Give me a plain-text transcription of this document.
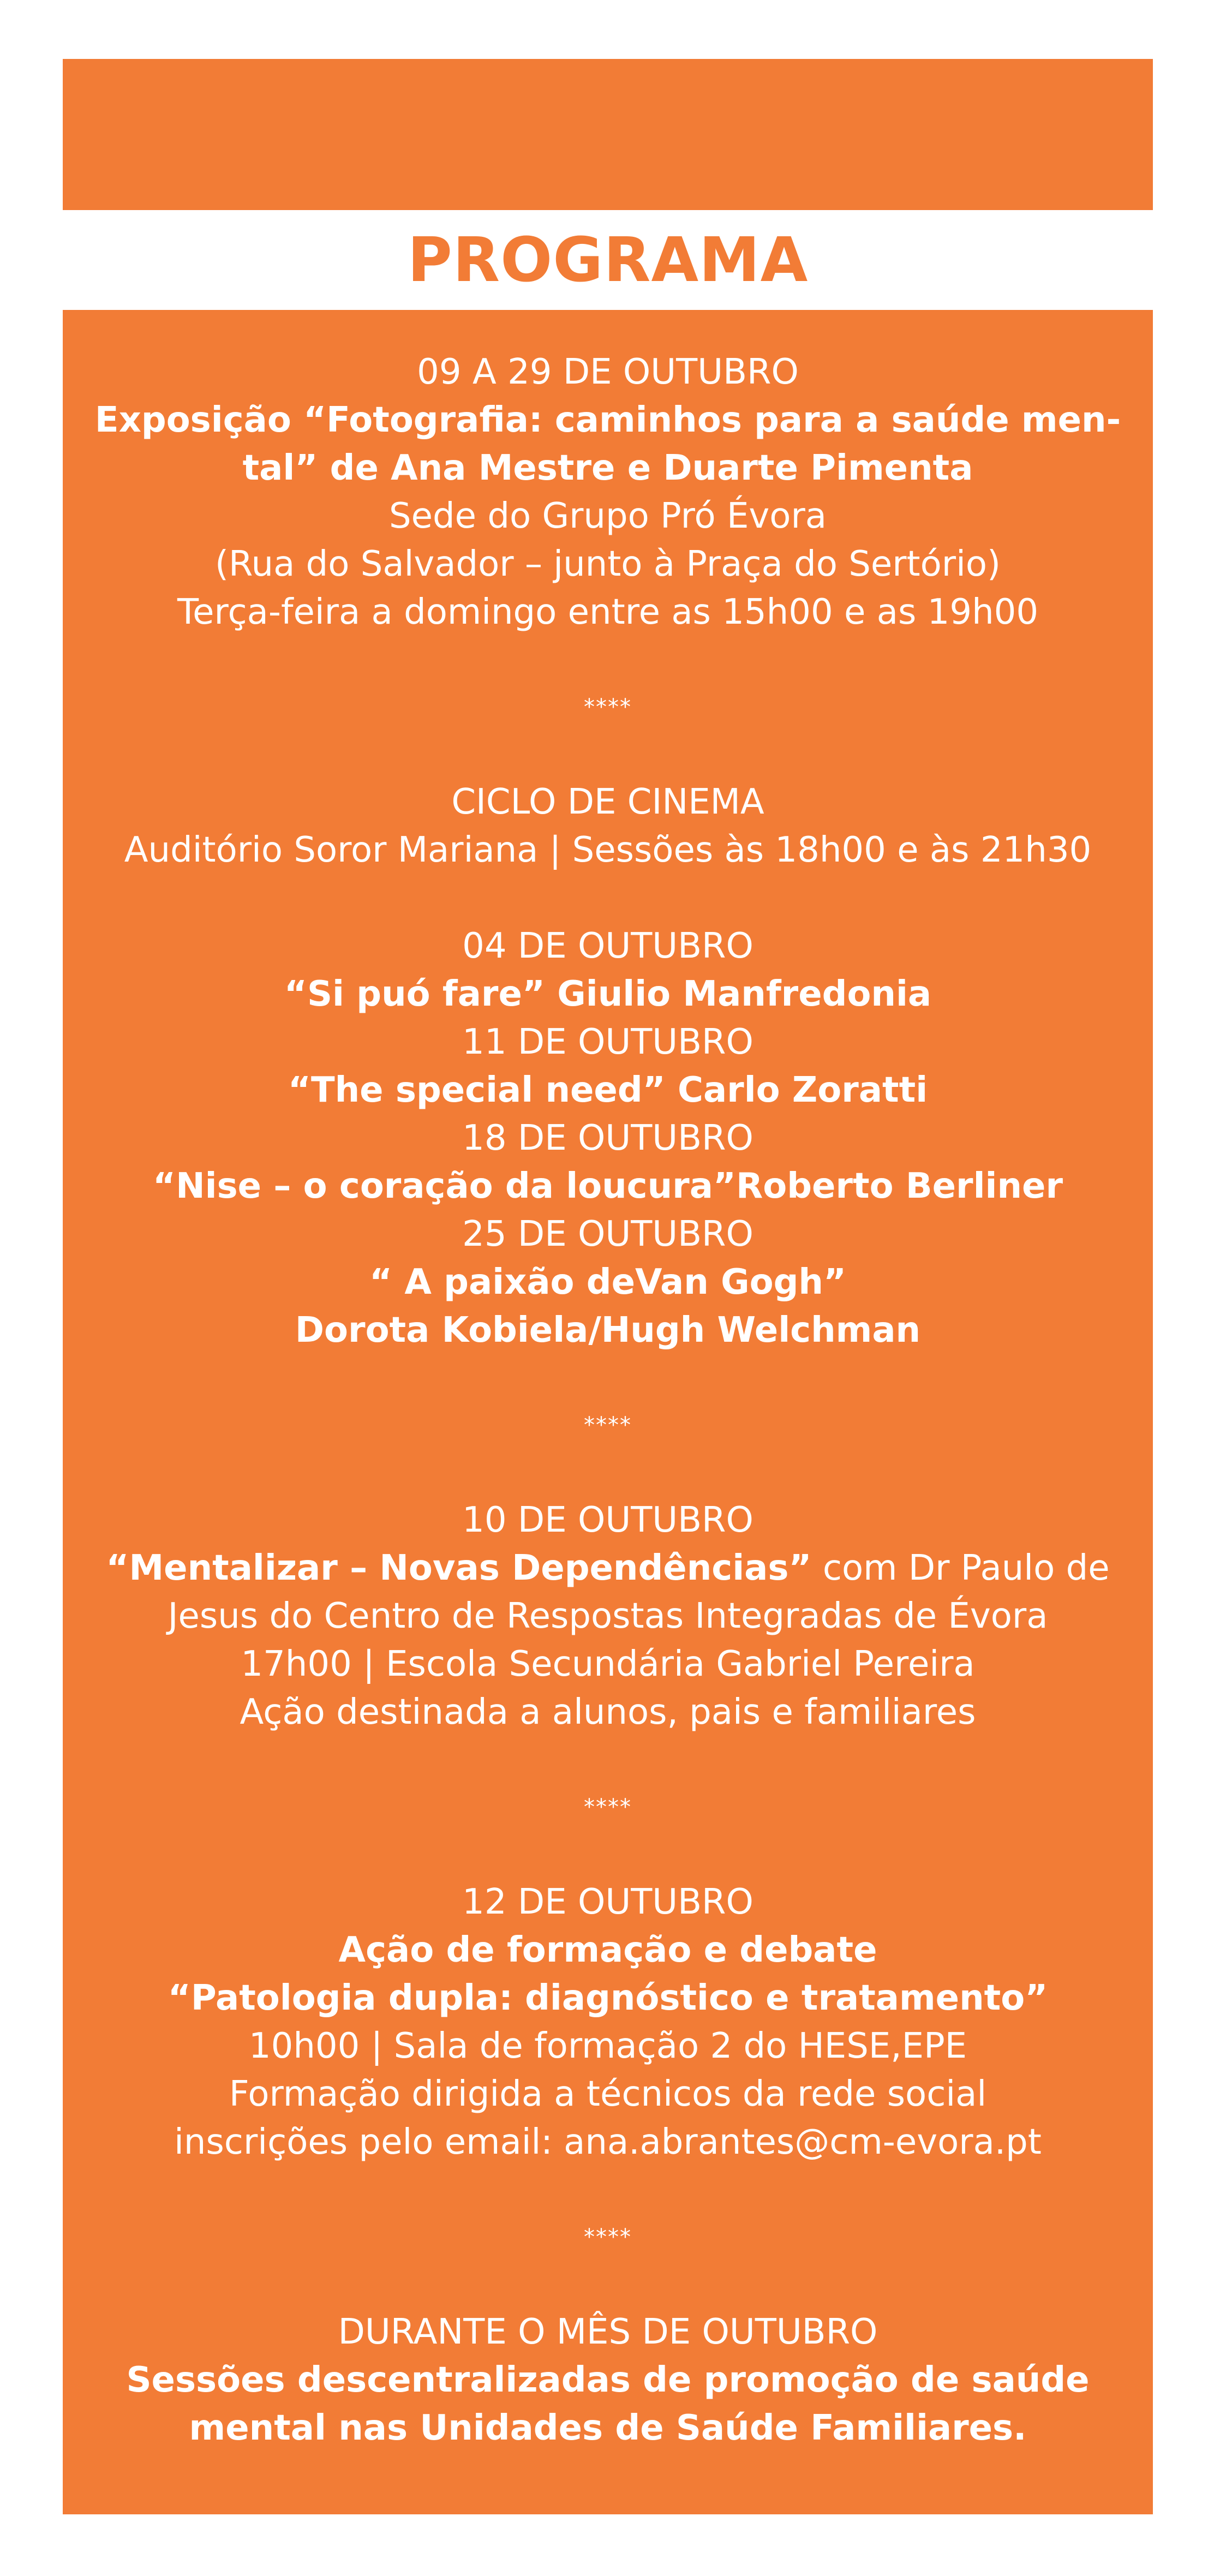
PROGRAMA
09 A 29 DE OUTUBRO
Exposição “Fotografia: caminhos para a saúde men-
tal” de Ana Mestre e Duarte Pimenta
Sede do Grupo Pró Évora
(Rua do Salvador – junto à Praça do Sertório)
Terça-feira a domingo entre as 15h00 e as 19h00
****
CICLO DE CINEMA
Auditório Soror Mariana | Sessões às 18h00 e às 21h30
04 DE OUTUBRO
“Si puó fare” Giulio Manfredonia
11 DE OUTUBRO
“The special need” Carlo Zoratti
18 DE OUTUBRO
“Nise – o coração da loucura”Roberto Berliner
25 DE OUTUBRO
“ A paixão deVan Gogh”
Dorota Kobiela/Hugh Welchman
****
10 DE OUTUBRO
“Mentalizar – Novas Dependências” com Dr Paulo de
Jesus do Centro de Respostas Integradas de Évora
17h00 | Escola Secundária Gabriel Pereira
Ação destinada a alunos, pais e familiares
****
12 DE OUTUBRO
Ação de formação e debate
“Patologia dupla: diagnóstico e tratamento”
10h00 | Sala de formação 2 do HESE,EPE
Formação dirigida a técnicos da rede social
inscrições pelo email: ana.abrantes@cm-evora.pt
****
DURANTE O MÊS DE OUTUBRO
Sessões descentralizadas de promoção de saúde
mental nas Unidades de Saúde Familiares.
